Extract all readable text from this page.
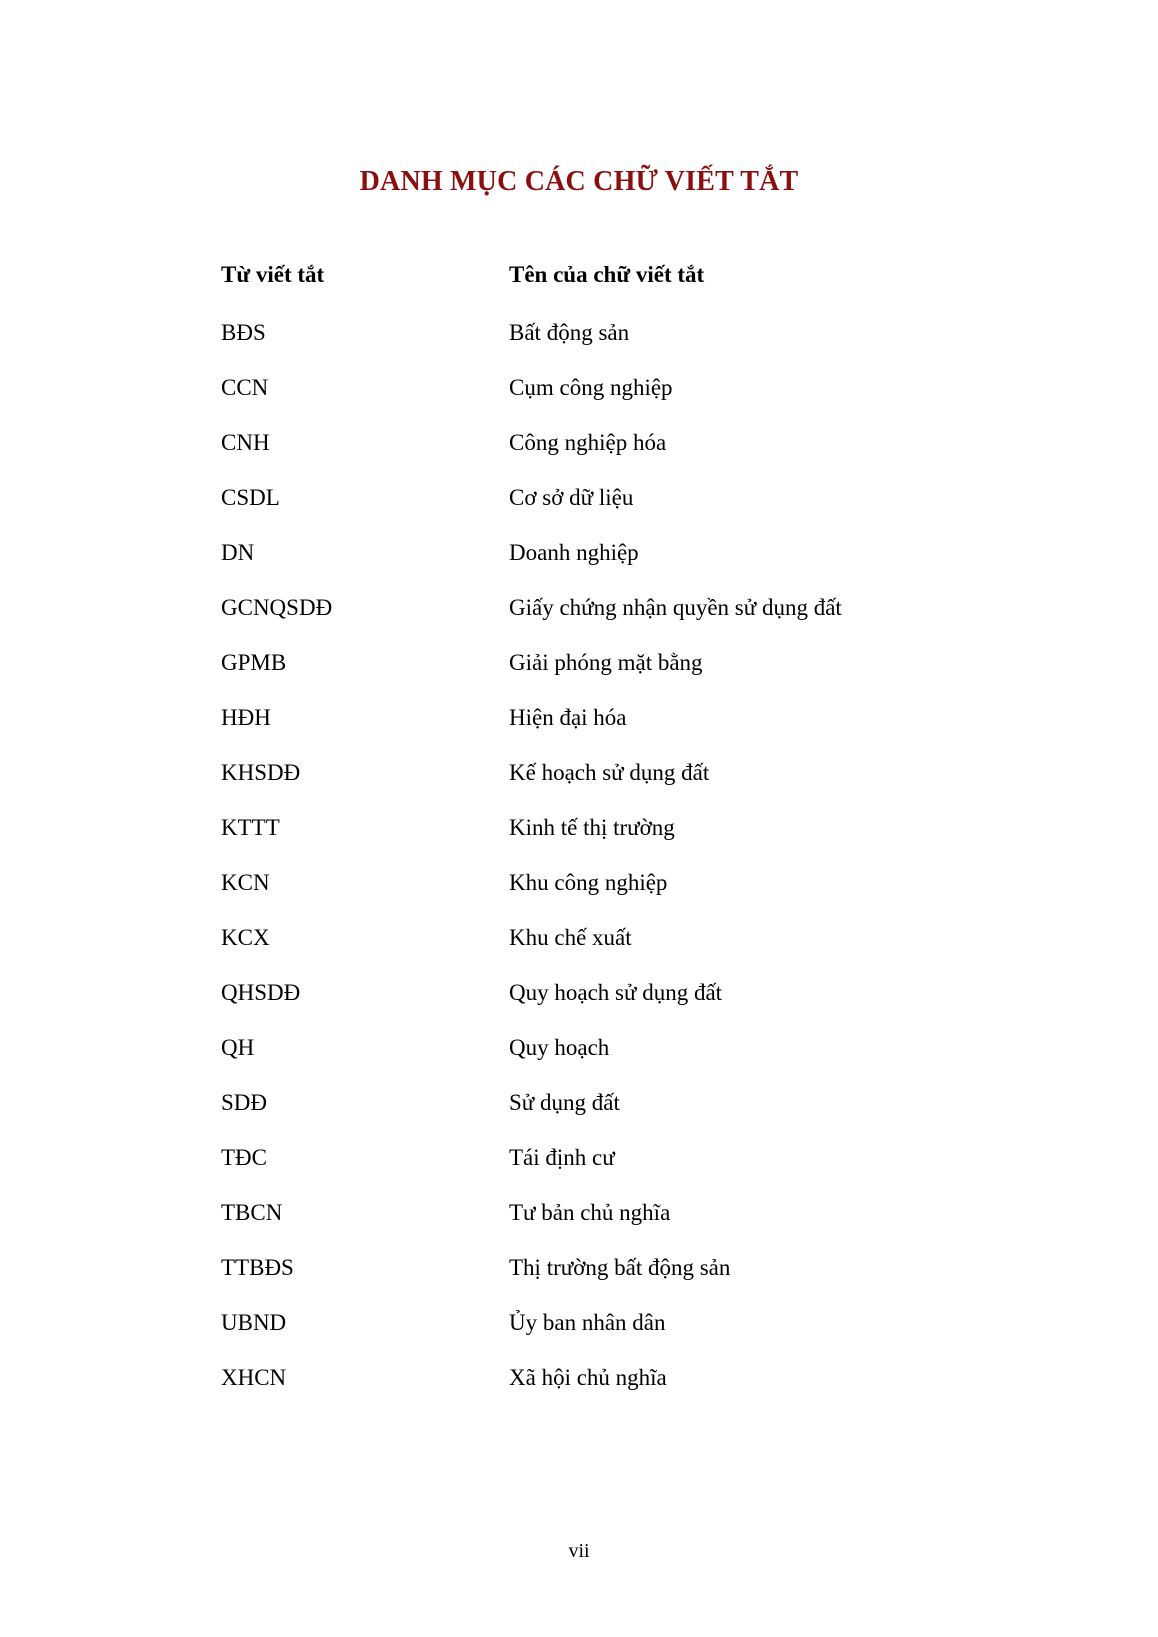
DANH MỤC CÁC CHỮ VIẾT TẮT
Từ viết tắt	Tên của chữ viết tắt
BĐS	Bất động sản
CCN	Cụm công nghiệp
CNH	Công nghiệp hóa
CSDL	Cơ sở dữ liệu
DN	Doanh nghiệp
GCNQSDĐ	Giấy chứng nhận quyền sử dụng đất
GPMB	Giải phóng mặt bằng
HĐH	Hiện đại hóa
KHSDĐ	Kế hoạch sử dụng đất
KTTT	Kinh tế thị trường
KCN	Khu công nghiệp
KCX	Khu chế xuất
QHSDĐ	Quy hoạch sử dụng đất
QH	Quy hoạch
SDĐ	Sử dụng đất
TĐC	Tái định cư
TBCN	Tư bản chủ nghĩa
TTBĐS	Thị trường bất động sản
UBND	Ủy ban nhân dân
XHCN	Xã hội chủ nghĩa
vii
